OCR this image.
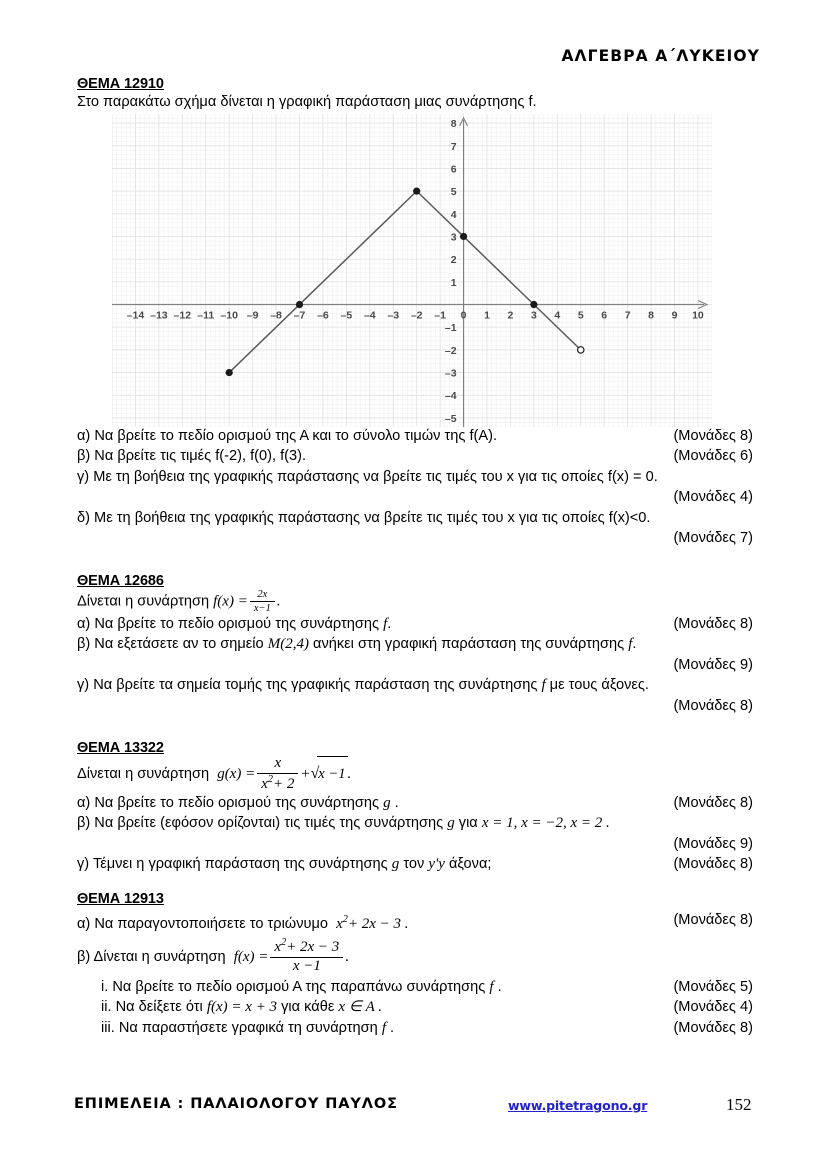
ΑΛΓΕΒΡΑ Α΄ΛΥΚΕΙΟΥ
ΘΕΜΑ 12910
Στο παρακάτω σχήμα δίνεται η γραφική παράσταση μιας συνάρτησης f.
(Μονάδες 8)
α) Να βρείτε το πεδίο ορισμού της Α και το σύνολο τιμών της f(Α).
(Μονάδες 6)
β) Να βρείτε τις τιμές f(-2), f(0), f(3).
γ) Με τη βοήθεια της γραφικής παράστασης να βρείτε τις τιμές του x για τις οποίες f(x) = 0.
(Μονάδες 4)
δ) Με τη βοήθεια της γραφικής παράστασης να βρείτε τις τιμές του x για τις οποίες f(x)<0.
(Μονάδες 7)
ΘΕΜΑ 12686
Δίνεται η συνάρτηση $f(x) = \frac{2x}{x-1}$ .
(Μονάδες 8)
α) Να βρείτε το πεδίο ορισμού της συνάρτησης f.
β) Να εξετάσετε αν το σημείο M(2,4) ανήκει στη γραφική παράσταση της συνάρτησης f.
(Μονάδες 9)
γ) Να βρείτε τα σημεία τομής της γραφικής παράσταση της συνάρτησης f με τους άξονες.
(Μονάδες 8)
ΘΕΜΑ 13322
Δίνεται η συνάρτηση $g(x) = \frac{x}{x^2+ 2} +√x -1$ .
(Μονάδες 8)
α) Να βρείτε το πεδίο ορισμού της συνάρτησης g .
β) Να βρείτε (εφόσον ορίζονται) τις τιμές της συνάρτησης g για x = 1, x = −2, x = 2 .
(Μονάδες 9)
(Μονάδες 8)
γ) Τέμνει η γραφική παράσταση της συνάρτησης g τον y'y άξονα;
ΘΕΜΑ 12913
(Μονάδες 8)
α) Να παραγοντοποιήσετε το τριώνυμο $x^2+ 2x - 3$ .
β) Δίνεται η συνάρτηση $f(x) = \frac{x^2+ 2x - 3}{x -1}$ .
(Μονάδες 5)
i. Να βρείτε το πεδίο ορισμού Α της παραπάνω συνάρτησης f .
(Μονάδες 4)
ii. Να δείξετε ότι f(x) = x + 3 για κάθε x ∈ Α .
(Μονάδες 8)
iii. Να παραστήσετε γραφικά τη συνάρτηση f .
–14 –13 –12 –11 –10 –9 –8 –7 –6 –5 –4 –3 –2 –1 0 1 2 3 4 5 6 7 8 9 10
8
7
6
5
4
3
2
1
–1
–2
–3
–4
–5
ΕΠΙΜΕΛΕΙΑ : ΠΑΛΑΙΟΛΟΓΟΥ ΠΑΥΛΟΣ	www.pitetragono.gr	152
